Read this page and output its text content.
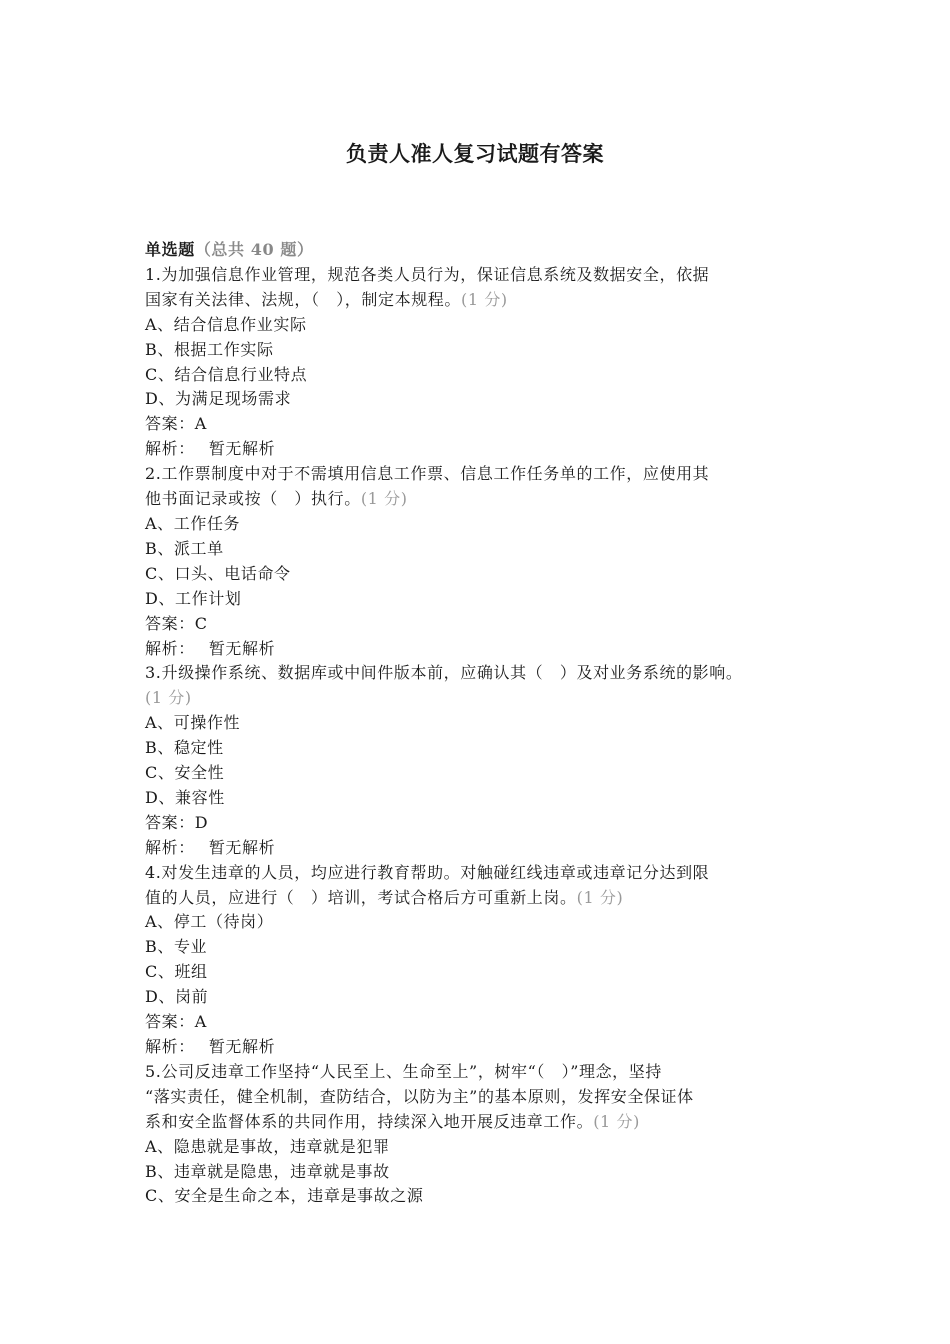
负责人准人复习试题有答案
单选题（总共 40 题）
1.为加强信息作业管理，规范各类人员行为，保证信息系统及数据安全，依据
国家有关法律、法规，（　），制定本规程。(1 分)
A、结合信息作业实际
B、根据工作实际
C、结合信息行业特点
D、为满足现场需求
答案：A
解析： 暂无解析
2.工作票制度中对于不需填用信息工作票、信息工作任务单的工作，应使用其
他书面记录或按（　）执行。(1 分)
A、工作任务
B、派工单
C、口头、电话命令
D、工作计划
答案：C
解析： 暂无解析
3.升级操作系统、数据库或中间件版本前，应确认其（　）及对业务系统的影响。
(1 分)
A、可操作性
B、稳定性
C、安全性
D、兼容性
答案：D
解析： 暂无解析
4.对发生违章的人员，均应进行教育帮助。对触碰红线违章或违章记分达到限
值的人员，应进行（　）培训，考试合格后方可重新上岗。(1 分)
A、停工（待岗）
B、专业
C、班组
D、岗前
答案：A
解析： 暂无解析
5.公司反违章工作坚持“人民至上、生命至上”，树牢“（　）”理念，坚持
“落实责任，健全机制，查防结合，以防为主”的基本原则，发挥安全保证体
系和安全监督体系的共同作用，持续深入地开展反违章工作。(1 分)
A、隐患就是事故，违章就是犯罪
B、违章就是隐患，违章就是事故
C、安全是生命之本，违章是事故之源
